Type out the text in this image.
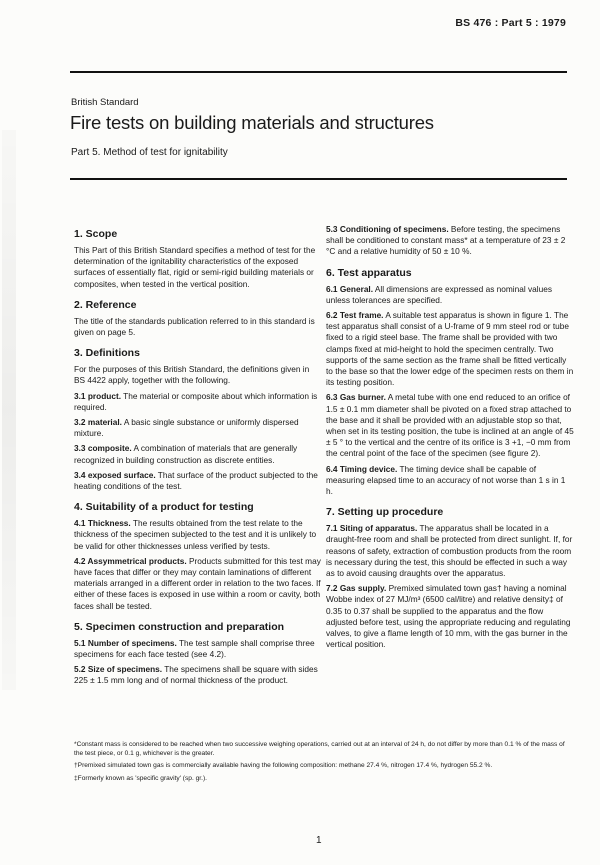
BS 476 : Part 5 : 1979
British Standard
Fire tests on building materials and structures
Part 5. Method of test for ignitability
1. Scope

This Part of this British Standard specifies a method of test for the determination of the ignitability characteristics of the exposed surfaces of essentially flat, rigid or semi-rigid building materials or composites, when tested in the vertical position.

2. Reference

The title of the standards publication referred to in this standard is given on page 5.

3. Definitions

For the purposes of this British Standard, the definitions given in BS 4422 apply, together with the following.

3.1 product. The material or composite about which information is required.

3.2 material. A basic single substance or uniformly dispersed mixture.

3.3 composite. A combination of materials that are generally recognized in building construction as discrete entities.

3.4 exposed surface. That surface of the product subjected to the heating conditions of the test.

4. Suitability of a product for testing

4.1 Thickness. The results obtained from the test relate to the thickness of the specimen subjected to the test and it is unlikely to be valid for other thicknesses unless verified by tests.

4.2 Assymmetrical products. Products submitted for this test may have faces that differ or they may contain laminations of different materials arranged in a different order in relation to the two faces. If either of these faces is exposed in use within a room or cavity, both faces shall be tested.

5. Specimen construction and preparation

5.1 Number of specimens. The test sample shall comprise three specimens for each face tested (see 4.2).

5.2 Size of specimens. The specimens shall be square with sides 225 ± 1.5 mm long and of normal thickness of the product.

5.3 Conditioning of specimens. Before testing, the specimens shall be conditioned to constant mass* at a temperature of 23 ± 2 °C and a relative humidity of 50 ± 10 %.

6. Test apparatus

6.1 General. All dimensions are expressed as nominal values unless tolerances are specified.

6.2 Test frame. A suitable test apparatus is shown in figure 1. The test apparatus shall consist of a U-frame of 9 mm steel rod or tube fixed to a rigid steel base. The frame shall be provided with two clamps fixed at mid-height to hold the specimen centrally. Two supports of the same section as the frame shall be fitted vertically to the base so that the lower edge of the specimen rests on them in its testing position.

6.3 Gas burner. A metal tube with one end reduced to an orifice of 1.5 ± 0.1 mm diameter shall be pivoted on a fixed strap attached to the base and it shall be provided with an adjustable stop so that, when set in its testing position, the tube is inclined at an angle of 45 ± 5 ° to the vertical and the centre of its orifice is 3 +1, −0 mm from the central point of the face of the specimen (see figure 2).

6.4 Timing device. The timing device shall be capable of measuring elapsed time to an accuracy of not worse than 1 s in 1 h.

7. Setting up procedure

7.1 Siting of apparatus. The apparatus shall be located in a draught-free room and shall be protected from direct sunlight. If, for reasons of safety, extraction of combustion products from the room is necessary during the test, this should be effected in such a way as to avoid causing draughts over the apparatus.

7.2 Gas supply. Premixed simulated town gas† having a nominal Wobbe index of 27 MJ/m³ (6500 cal/litre) and relative density‡ of 0.35 to 0.37 shall be supplied to the apparatus and the flow adjusted before test, using the appropriate reducing and regulating valves, to give a flame length of 10 mm, with the gas burner in the vertical position.

*Constant mass is considered to be reached when two successive weighing operations, carried out at an interval of 24 h, do not differ by more than 0.1 % of the mass of the test piece, or 0.1 g, whichever is the greater.

†Premixed simulated town gas is commercially available having the following composition: methane 27.4 %, nitrogen 17.4 %, hydrogen 55.2 %.

‡Formerly known as 'specific gravity' (sp. gr.).

1
